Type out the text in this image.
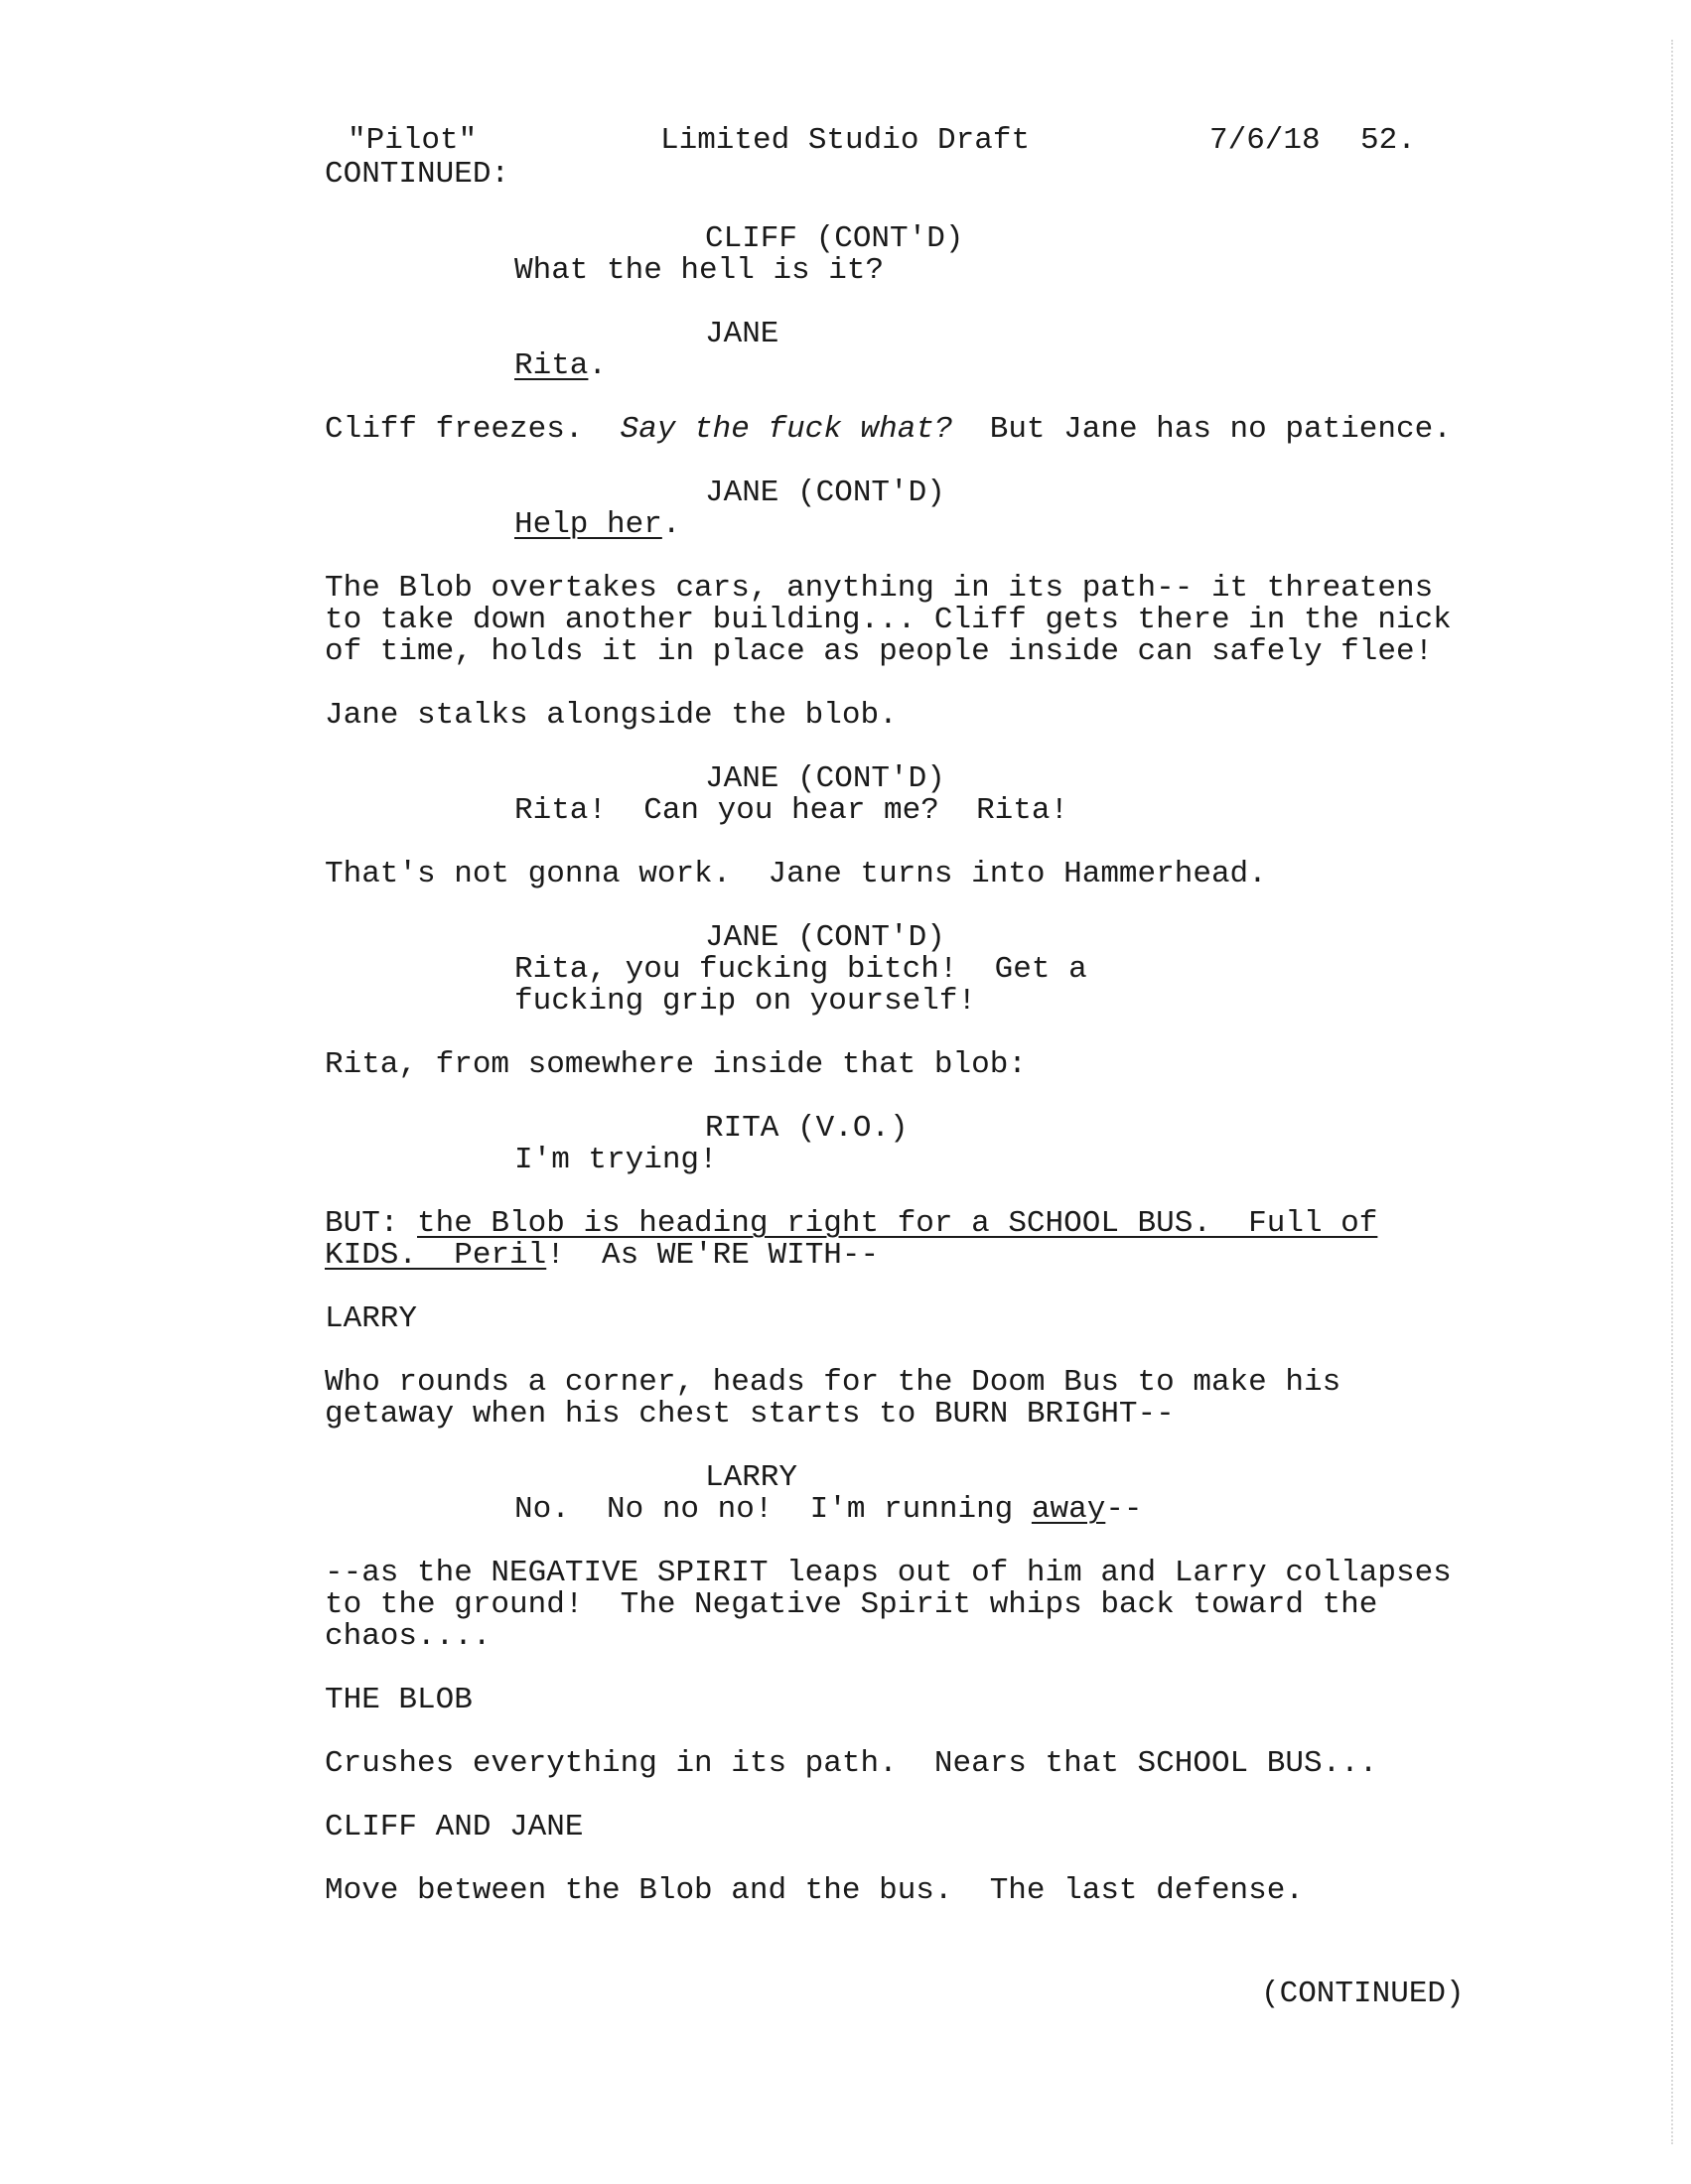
"Pilot"	Limited Studio Draft	7/6/18 52.
CONTINUED:
CLIFF (CONT'D)
What the hell is it?
JANE
Rita.
Cliff freezes.  Say the fuck what?  But Jane has no patience.
JANE (CONT'D)
Help her.
The Blob overtakes cars, anything in its path-- it threatens
to take down another building... Cliff gets there in the nick
of time, holds it in place as people inside can safely flee!
Jane stalks alongside the blob.
JANE (CONT'D)
Rita!  Can you hear me?  Rita!
That's not gonna work.  Jane turns into Hammerhead.
JANE (CONT'D)
Rita, you fucking bitch!  Get a
fucking grip on yourself!
Rita, from somewhere inside that blob:
RITA (V.O.)
I'm trying!
BUT: the Blob is heading right for a SCHOOL BUS.  Full of
KIDS.  Peril!  As WE'RE WITH--
LARRY
Who rounds a corner, heads for the Doom Bus to make his
getaway when his chest starts to BURN BRIGHT--
LARRY
No.  No no no!  I'm running away--
--as the NEGATIVE SPIRIT leaps out of him and Larry collapses
to the ground!  The Negative Spirit whips back toward the
chaos....
THE BLOB
Crushes everything in its path.  Nears that SCHOOL BUS...
CLIFF AND JANE
Move between the Blob and the bus.  The last defense.
(CONTINUED)
